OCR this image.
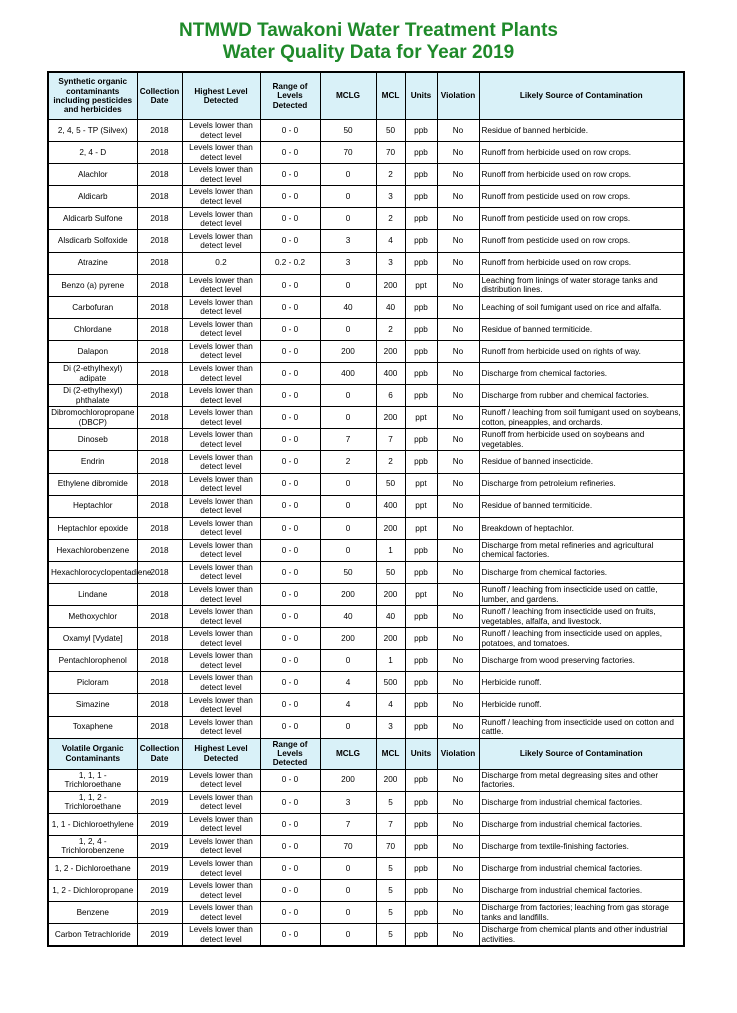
NTMWD Tawakoni Water Treatment Plants
Water Quality Data for Year 2019
Synthetic organic contaminants including pesticides and herbicides	Collection Date	Highest Level Detected	Range of Levels Detected	MCLG	MCL	Units	Violation	Likely Source of Contamination
2, 4, 5 - TP (Silvex)	2018	Levels lower than detect level	0 - 0	50	50	ppb	No	Residue of banned herbicide.
2, 4 - D	2018	Levels lower than detect level	0 - 0	70	70	ppb	No	Runoff from herbicide used on row crops.
Alachlor	2018	Levels lower than detect level	0 - 0	0	2	ppb	No	Runoff from herbicide used on row crops.
Aldicarb	2018	Levels lower than detect level	0 - 0	0	3	ppb	No	Runoff from pesticide used on row crops.
Aldicarb Sulfone	2018	Levels lower than detect level	0 - 0	0	2	ppb	No	Runoff from pesticide used on row crops.
Alsdicarb Solfoxide	2018	Levels lower than detect level	0 - 0	3	4	ppb	No	Runoff from pesticide used on row crops.
Atrazine	2018	0.2	0.2 - 0.2	3	3	ppb	No	Runoff from herbicide used on row crops.
Benzo (a) pyrene	2018	Levels lower than detect level	0 - 0	0	200	ppt	No	Leaching from linings of water storage tanks and distribution lines.
Carbofuran	2018	Levels lower than detect level	0 - 0	40	40	ppb	No	Leaching of soil fumigant used on rice and alfalfa.
Chlordane	2018	Levels lower than detect level	0 - 0	0	2	ppb	No	Residue of banned termiticide.
Dalapon	2018	Levels lower than detect level	0 - 0	200	200	ppb	No	Runoff from herbicide used on rights of way.
Di (2-ethylhexyl) adipate	2018	Levels lower than detect level	0 - 0	400	400	ppb	No	Discharge from chemical factories.
Di (2-ethylhexyl) phthalate	2018	Levels lower than detect level	0 - 0	0	6	ppb	No	Discharge from rubber and chemical factories.
Dibromochloropropane (DBCP)	2018	Levels lower than detect level	0 - 0	0	200	ppt	No	Runoff / leaching from soil fumigant used on soybeans, cotton, pineapples, and orchards.
Dinoseb	2018	Levels lower than detect level	0 - 0	7	7	ppb	No	Runoff from herbicide used on soybeans and vegetables.
Endrin	2018	Levels lower than detect level	0 - 0	2	2	ppb	No	Residue of banned insecticide.
Ethylene dibromide	2018	Levels lower than detect level	0 - 0	0	50	ppt	No	Discharge from petroleium refineries.
Heptachlor	2018	Levels lower than detect level	0 - 0	0	400	ppt	No	Residue of banned termiticide.
Heptachlor epoxide	2018	Levels lower than detect level	0 - 0	0	200	ppt	No	Breakdown of heptachlor.
Hexachlorobenzene	2018	Levels lower than detect level	0 - 0	0	1	ppb	No	Discharge from metal refineries and agricultural chemical factories.
Hexachlorocyclopentadiene	2018	Levels lower than detect level	0 - 0	50	50	ppb	No	Discharge from chemical factories.
Lindane	2018	Levels lower than detect level	0 - 0	200	200	ppt	No	Runoff / leaching from insecticide used on cattle, lumber, and gardens.
Methoxychlor	2018	Levels lower than detect level	0 - 0	40	40	ppb	No	Runoff / leaching from insecticide used on fruits, vegetables, alfalfa, and livestock.
Oxamyl [Vydate]	2018	Levels lower than detect level	0 - 0	200	200	ppb	No	Runoff / leaching from insecticide used on apples, potatoes, and tomatoes.
Pentachlorophenol	2018	Levels lower than detect level	0 - 0	0	1	ppb	No	Discharge from wood preserving factories.
Picloram	2018	Levels lower than detect level	0 - 0	4	500	ppb	No	Herbicide runoff.
Simazine	2018	Levels lower than detect level	0 - 0	4	4	ppb	No	Herbicide runoff.
Toxaphene	2018	Levels lower than detect level	0 - 0	0	3	ppb	No	Runoff / leaching from insecticide used on cotton and cattle.
Volatile Organic Contaminants	Collection Date	Highest Level Detected	Range of Levels Detected	MCLG	MCL	Units	Violation	Likely Source of Contamination
1, 1, 1 - Trichloroethane	2019	Levels lower than detect level	0 - 0	200	200	ppb	No	Discharge from metal degreasing sites and other factories.
1, 1, 2 - Trichloroethane	2019	Levels lower than detect level	0 - 0	3	5	ppb	No	Discharge from industrial chemical factories.
1, 1 - Dichloroethylene	2019	Levels lower than detect level	0 - 0	7	7	ppb	No	Discharge from industrial chemical factories.
1, 2, 4 - Trichlorobenzene	2019	Levels lower than detect level	0 - 0	70	70	ppb	No	Discharge from textile-finishing factories.
1, 2 - Dichloroethane	2019	Levels lower than detect level	0 - 0	0	5	ppb	No	Discharge from industrial chemical factories.
1, 2 - Dichloropropane	2019	Levels lower than detect level	0 - 0	0	5	ppb	No	Discharge from industrial chemical factories.
Benzene	2019	Levels lower than detect level	0 - 0	0	5	ppb	No	Discharge from factories; leaching from gas storage tanks and landfills.
Carbon Tetrachloride	2019	Levels lower than detect level	0 - 0	0	5	ppb	No	Discharge from chemical plants and other industrial activities.
